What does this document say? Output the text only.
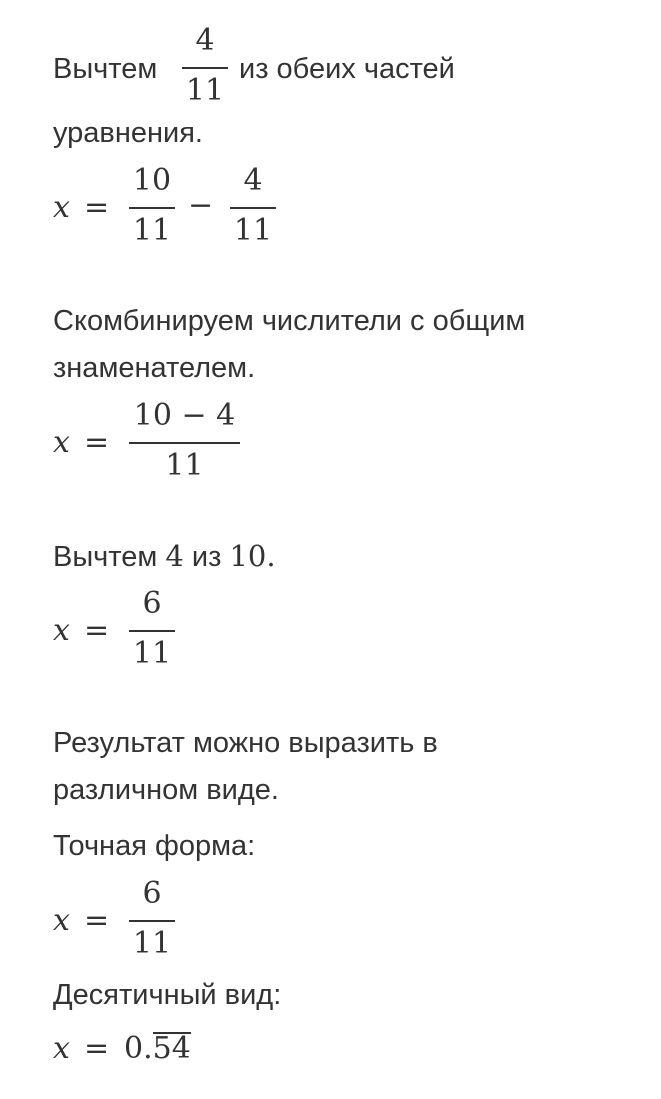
Вычтем
4
11
из обеих частей
уравнения.
x =
10
11
−
4
11
Скомбинируем числители с общим
знаменателем.
x =
10 − 4
11
Вычтем 4 из 10.
x =
6
11
Результат можно выразить в
различном виде.
Точная форма:
x =
6
11
Десятичный вид:
x = 0.54
